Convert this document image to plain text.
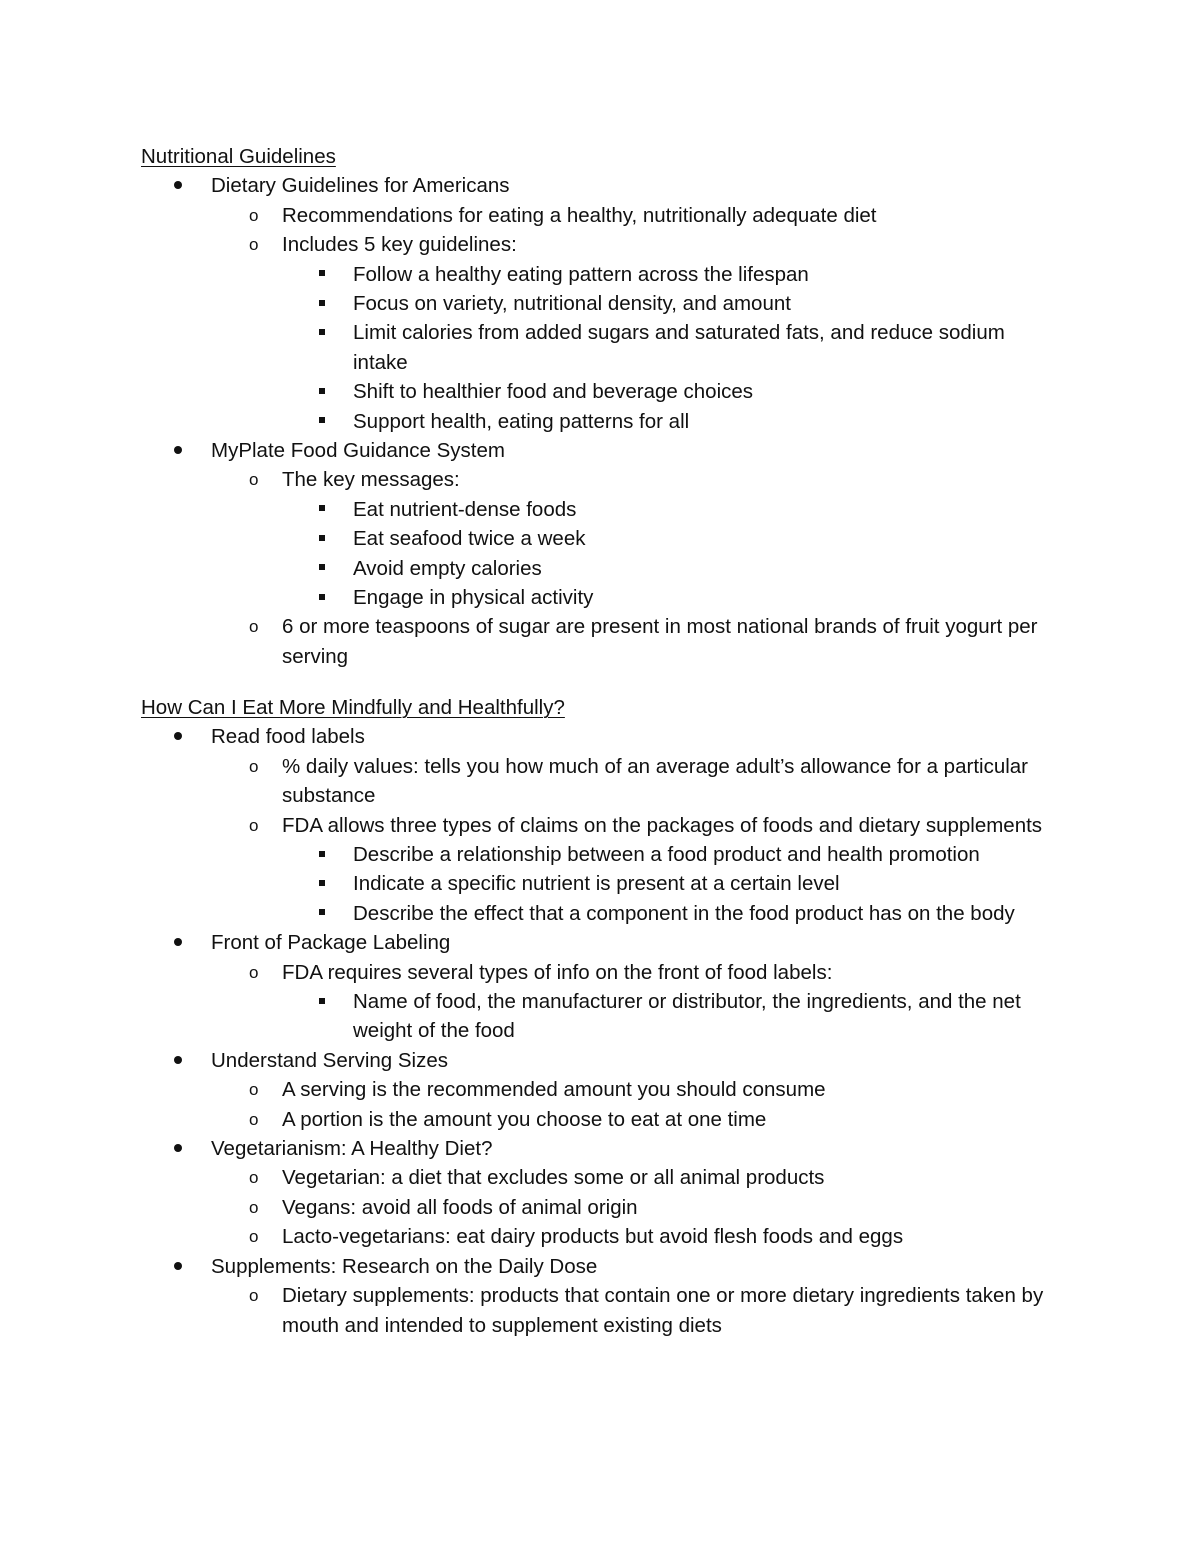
Nutritional Guidelines
Dietary Guidelines for Americans
o Recommendations for eating a healthy, nutritionally adequate diet
o Includes 5 key guidelines:
Follow a healthy eating pattern across the lifespan
Focus on variety, nutritional density, and amount
Limit calories from added sugars and saturated fats, and reduce sodium intake
Shift to healthier food and beverage choices
Support health, eating patterns for all
MyPlate Food Guidance System
o The key messages:
Eat nutrient-dense foods
Eat seafood twice a week
Avoid empty calories
Engage in physical activity
o 6 or more teaspoons of sugar are present in most national brands of fruit yogurt per serving
How Can I Eat More Mindfully and Healthfully?
Read food labels
o % daily values: tells you how much of an average adult’s allowance for a particular substance
o FDA allows three types of claims on the packages of foods and dietary supplements
Describe a relationship between a food product and health promotion
Indicate a specific nutrient is present at a certain level
Describe the effect that a component in the food product has on the body
Front of Package Labeling
o FDA requires several types of info on the front of food labels:
Name of food, the manufacturer or distributor, the ingredients, and the net weight of the food
Understand Serving Sizes
o A serving is the recommended amount you should consume
o A portion is the amount you choose to eat at one time
Vegetarianism: A Healthy Diet?
o Vegetarian: a diet that excludes some or all animal products
o Vegans: avoid all foods of animal origin
o Lacto-vegetarians: eat dairy products but avoid flesh foods and eggs
Supplements: Research on the Daily Dose
o Dietary supplements: products that contain one or more dietary ingredients taken by mouth and intended to supplement existing diets
